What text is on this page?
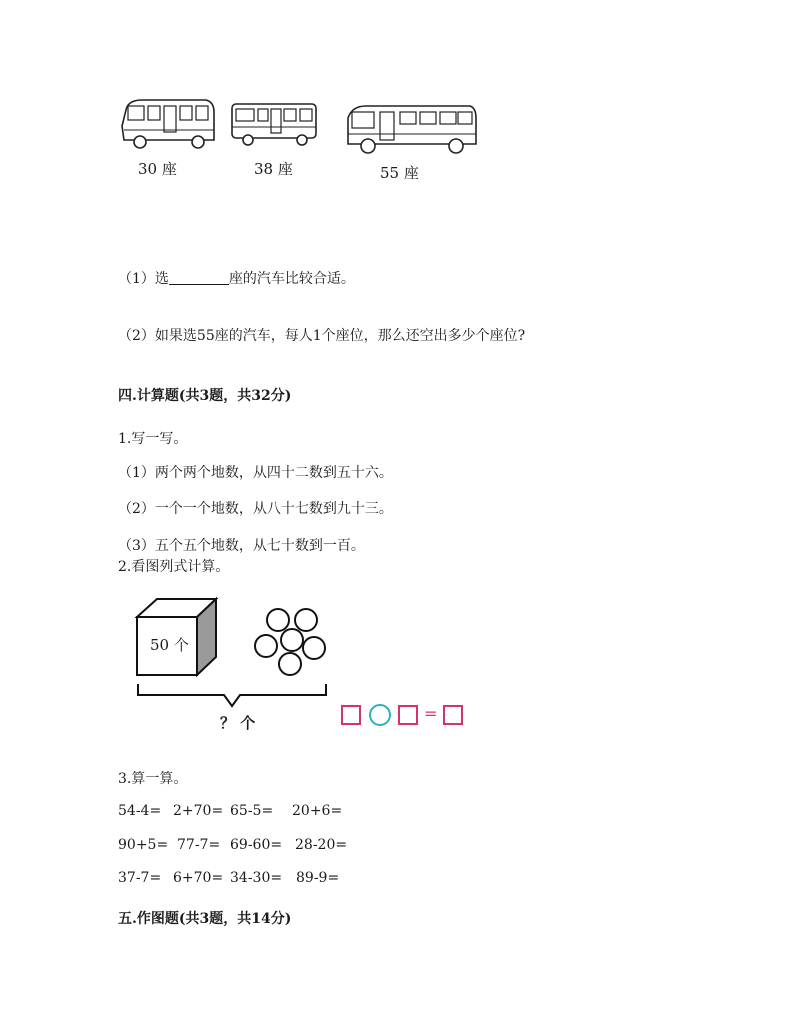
30 座	38 座	55 座
（1）选	座的汽车比较合适。
（2）如果选55座的汽车，每人1个座位，那么还空出多少个座位?
四.计算题(共3题，共32分)
1.写一写。
（1）两个两个地数，从四十二数到五十六。
（2）一个一个地数，从八十七数到九十三。
（3）五个五个地数，从七十数到一百。
2.看图列式计算。
50 个
？ 个	=
3.算一算。
54-4= 2+70= 65-5= 20+6=
90+5= 77-7= 69-60= 28-20=
37-7= 6+70= 34-30= 89-9=
五.作图题(共3题，共14分)
